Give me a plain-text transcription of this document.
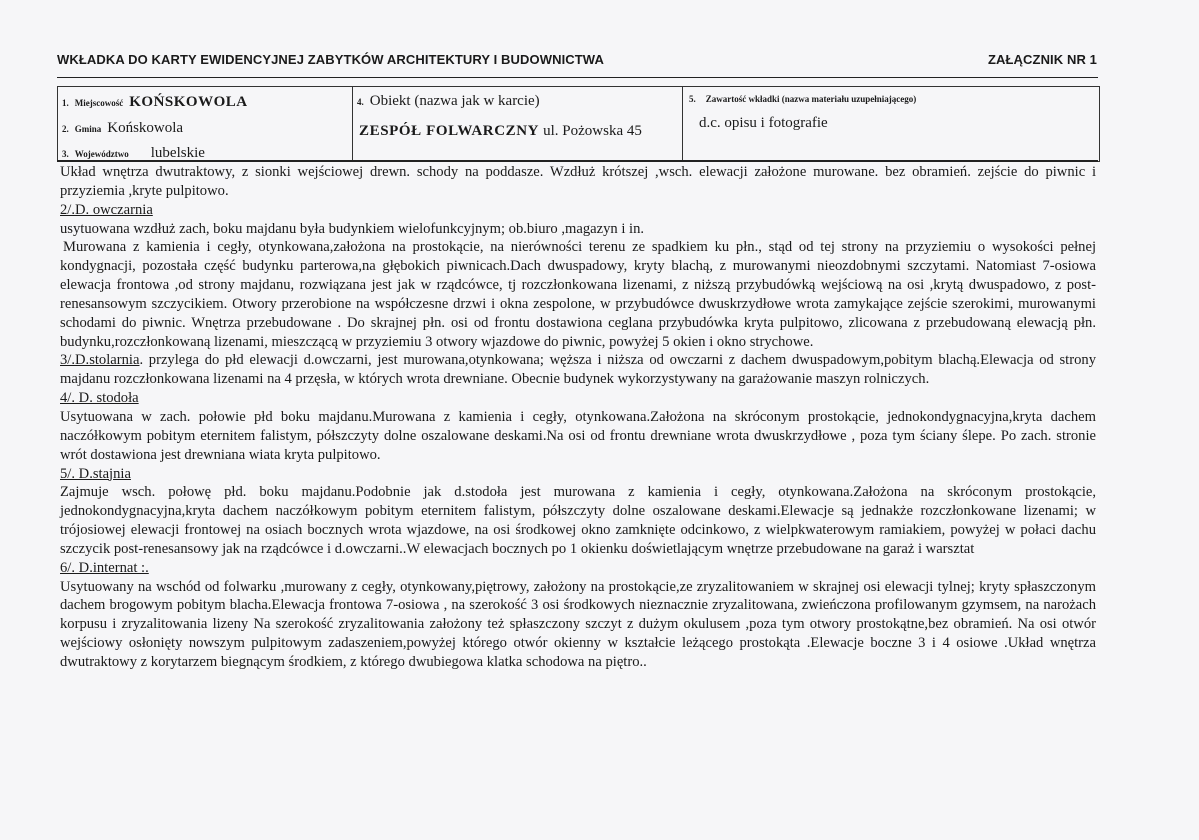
WKŁADKA DO KARTY EWIDENCYJNEJ ZABYTKÓW ARCHITEKTURY I BUDOWNICTWA	ZAŁĄCZNIK NR 1
1. Miejscowość KOŃSKOWOLA
2. Gmina Końskowola
3. Województwo lubelskie
4. Obiekt (nazwa jak w karcie)
ZESPÓŁ FOLWARCZNY ul. Pożowska 45
5. Zawartość wkładki (nazwa materiału uzupełniającego)
d.c. opisu i fotografie

Układ wnętrza dwutraktowy, z sionki wejściowej drewn. schody na poddasze. Wzdłuż krótszej ,wsch. elewacji założone murowane. bez obramień. zejście do piwnic i przyziemia ,kryte pulpitowo.

2/.D. owczarnia

usytuowana wzdłuż zach, boku majdanu była budynkiem wielofunkcyjnym; ob.biuro ,magazyn i in.

Murowana z kamienia i cegły, otynkowana,założona na prostokącie, na nierówności terenu ze spadkiem ku płn., stąd od tej strony na przyziemiu o wysokości pełnej kondygnacji, pozostała część budynku parterowa,na głębokich piwnicach.Dach dwuspadowy, kryty blachą, z murowanymi nieozdobnymi szczytami. Natomiast 7-osiowa elewacja frontowa ,od strony majdanu, rozwiązana jest jak w rządcówce, tj rozczłonkowana lizenami, z niższą przybudówką wejściową na osi ,krytą dwuspadowo, z post-renesansowym szczycikiem. Otwory przerobione na współczesne drzwi i okna zespolone, w przybudówce dwuskrzydłowe wrota zamykające zejście szerokimi, murowanymi schodami do piwnic. Wnętrza przebudowane . Do skrajnej płn. osi od frontu dostawiona ceglana przybudówka kryta pulpitowo, zlicowana z przebudowaną elewacją płn. budynku,rozczłonkowaną lizenami, mieszczącą w przyziemiu 3 otwory wjazdowe do piwnic, powyżej 5 okien i okno strychowe.

3/.D.stolarnia. przylega do płd elewacji d.owczarni, jest murowana,otynkowana; węższa i niższa od owczarni z dachem dwuspadowym,pobitym blachą.Elewacja od strony majdanu rozczłonkowana lizenami na 4 przęsła, w których wrota drewniane. Obecnie budynek wykorzystywany na garażowanie maszyn rolniczych.

4/. D. stodoła

Usytuowana w zach. połowie płd boku majdanu.Murowana z kamienia i cegły, otynkowana.Założona na skróconym prostokącie, jednokondygnacyjna,kryta dachem naczółkowym pobitym eternitem falistym, półszczyty dolne oszalowane deskami.Na osi od frontu drewniane wrota dwuskrzydłowe , poza tym ściany ślepe. Po zach. stronie wrót dostawiona jest drewniana wiata kryta pulpitowo.

5/. D.stajnia

Zajmuje wsch. połowę płd. boku majdanu.Podobnie jak d.stodoła jest murowana z kamienia i cegły, otynkowana.Założona na skróconym prostokącie, jednokondygnacyjna,kryta dachem naczółkowym pobitym eternitem falistym, półszczyty dolne oszalowane deskami.Elewacje są jednakże rozczłonkowane lizenami; w trójosiowej elewacji frontowej na osiach bocznych wrota wjazdowe, na osi środkowej okno zamknięte odcinkowo, z wielpkwaterowym ramiakiem, powyżej w połaci dachu szczycik post-renesansowy jak na rządcówce i d.owczarni..W elewacjach bocznych po 1 okienku doświetlającym wnętrze przebudowane na garaż i warsztat

6/. D.internat :.

Usytuowany na wschód od folwarku ,murowany z cegły, otynkowany,piętrowy, założony na prostokącie,ze zryzalitowaniem w skrajnej osi elewacji tylnej; kryty spłaszczonym dachem brogowym pobitym blacha.Elewacja frontowa 7-osiowa , na szerokość 3 osi środkowych nieznacznie zryzalitowana, zwieńczona profilowanym gzymsem, na narożach korpusu i zryzalitowania lizeny Na szerokość zryzalitowania założony też spłaszczony szczyt z dużym okulusem ,poza tym otwory prostokątne,bez obramień. Na osi otwór wejściowy osłonięty nowszym pulpitowym zadaszeniem,powyżej którego otwór okienny w kształcie leżącego prostokąta .Elewacje boczne 3 i 4 osiowe .Układ wnętrza dwutraktowy z korytarzem biegnącym środkiem, z którego dwubiegowa klatka schodowa na piętro..
